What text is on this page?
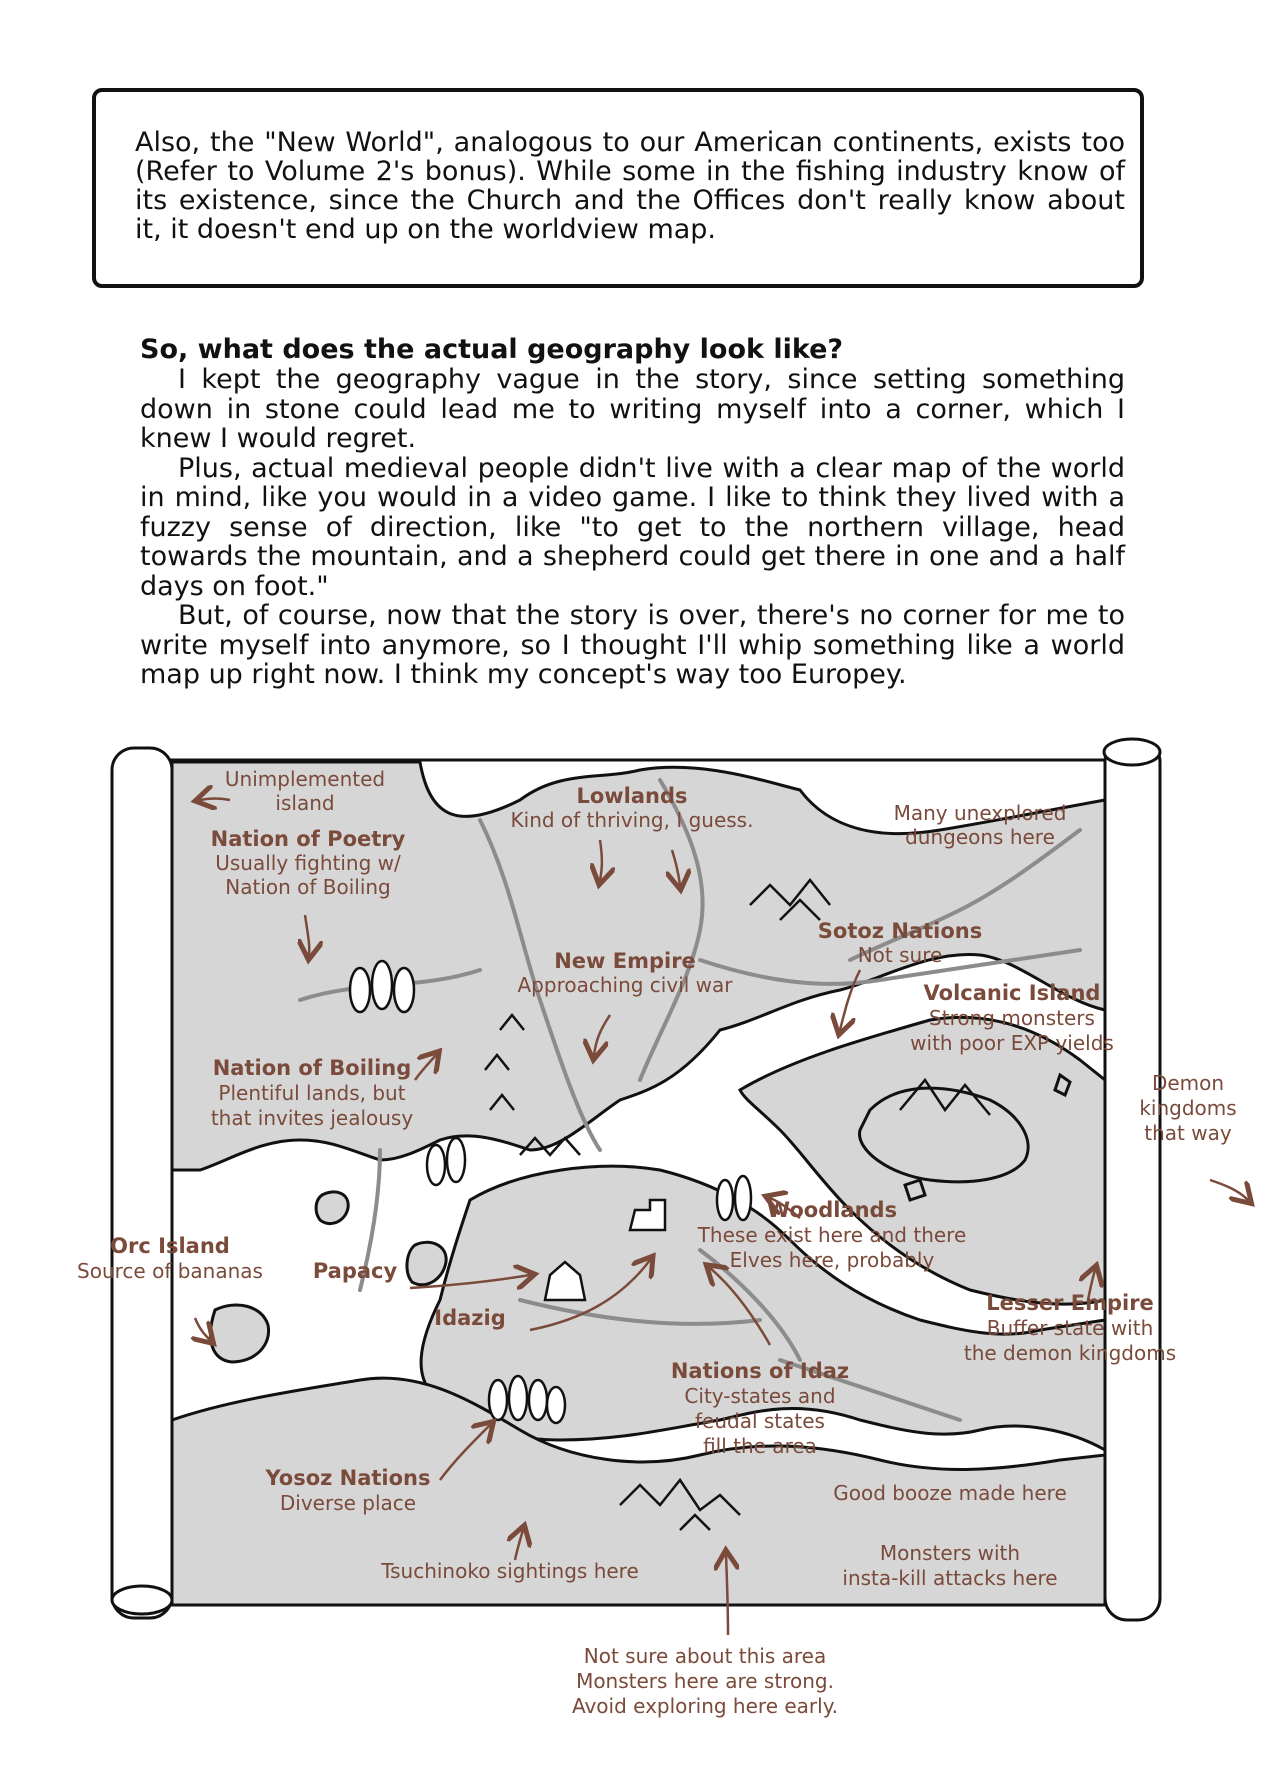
Also, the "New World", analogous to our American continents, exists too (Refer to Volume 2's bonus). While some in the fishing industry know of its existence, since the Church and the Offices don't really know about it, it doesn't end up on the worldview map.
So, what does the actual geography look like?

I kept the geography vague in the story, since setting something down in stone could lead me to writing myself into a corner, which I knew I would regret.

Plus, actual medieval people didn't live with a clear map of the world in mind, like you would in a video game. I like to think they lived with a fuzzy sense of direction, like "to get to the northern village, head towards the mountain, and a shepherd could get there in one and a half days on foot."

But, of course, now that the story is over, there's no corner for me to write myself into anymore, so I thought I'll whip something like a world map up right now. I think my concept's way too Europey.

Unimplemented
island	Lowlands
Kind of thriving, I guess.	Many unexplored
dungeons here
Nation of Poetry
Usually fighting w/
Nation of Boiling
Sotoz Nations
Not sure
New Empire
Approaching civil war	Volcanic Island
Strong monsters
with poor EXP yields
Nation of Boiling
Plentiful lands, but
that invites jealousy
Demon
kingdoms
that way
Woodlands
These exist here and there
Elves here, probably
Orc Island
Source of bananas Papacy
Idazig
Lesser Empire
Buffer state with
the demon kingdoms
Nations of Idaz
City-states and
feudal states
fill the area
Yosoz Nations
Diverse place	Good booze made here
Tsuchinoko sightings here
Monsters with
insta-kill attacks here
Not sure about this area
Monsters here are strong.
Avoid exploring here early.
